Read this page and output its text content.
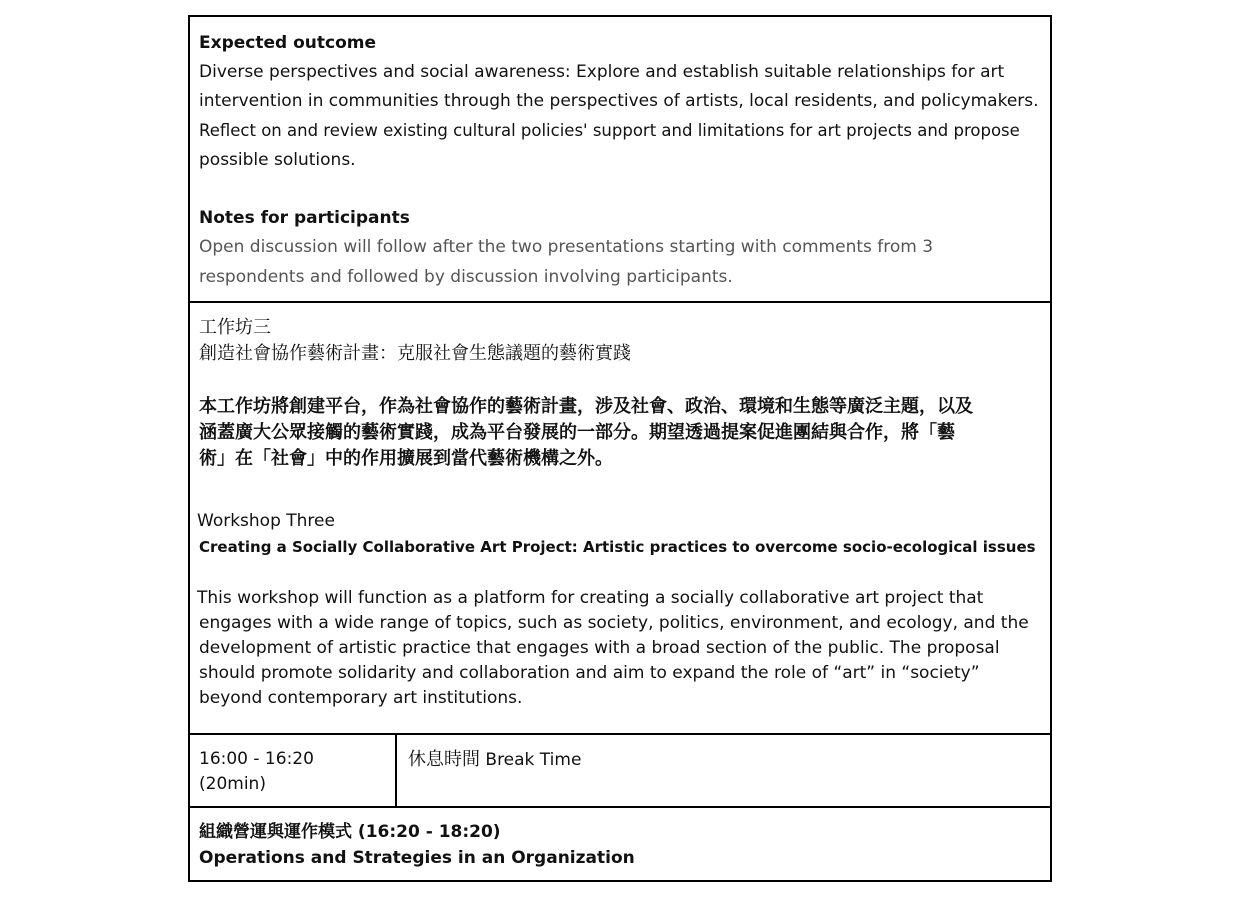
Expected outcome
Diverse perspectives and social awareness: Explore and establish suitable relationships for art
intervention in communities through the perspectives of artists, local residents, and policymakers.
Reflect on and review existing cultural policies' support and limitations for art projects and propose
possible solutions.
Notes for participants
Open discussion will follow after the two presentations starting with comments from 3
respondents and followed by discussion involving participants.
工作坊三
創造社會協作藝術計畫：克服社會生態議題的藝術實踐
本工作坊將創建平台，作為社會協作的藝術計畫，涉及社會、政治、環境和生態等廣泛主題，以及
涵蓋廣大公眾接觸的藝術實踐，成為平台發展的一部分。期望透過提案促進團結與合作，將「藝
術」在「社會」中的作用擴展到當代藝術機構之外。
Workshop Three
Creating a Socially Collaborative Art Project: Artistic practices to overcome socio-ecological issues
This workshop will function as a platform for creating a socially collaborative art project that
engages with a wide range of topics, such as society, politics, environment, and ecology, and the
development of artistic practice that engages with a broad section of the public. The proposal
should promote solidarity and collaboration and aim to expand the role of “art” in “society”
beyond contemporary art institutions.
16:00 - 16:20
(20min)
休息時間 Break Time
組織營運與運作模式 (16:20 - 18:20)
Operations and Strategies in an Organization
